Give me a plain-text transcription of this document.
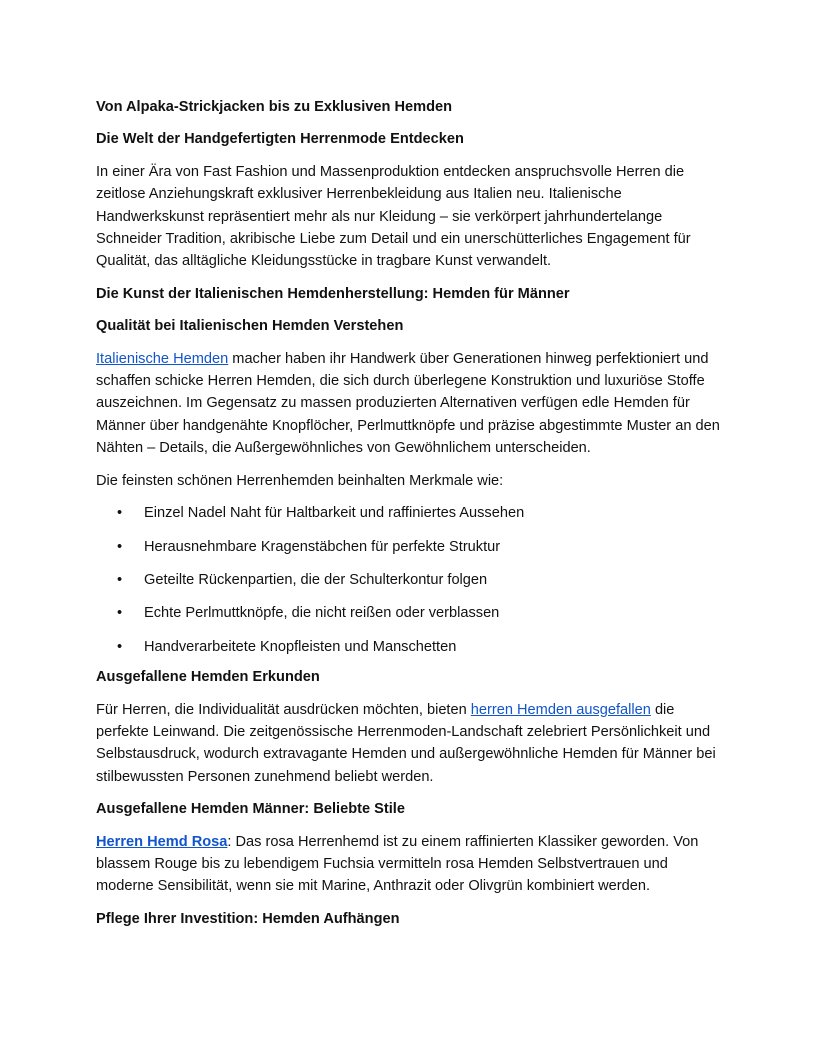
Von Alpaka-Strickjacken bis zu Exklusiven Hemden
Die Welt der Handgefertigten Herrenmode Entdecken

In einer Ära von Fast Fashion und Massenproduktion entdecken anspruchsvolle Herren die zeitlose Anziehungskraft exklusiver Herrenbekleidung aus Italien neu. Italienische Handwerkskunst repräsentiert mehr als nur Kleidung – sie verkörpert jahrhundertelange Schneider Tradition, akribische Liebe zum Detail und ein unerschütterliches Engagement für Qualität, das alltägliche Kleidungsstücke in tragbare Kunst verwandelt.

Die Kunst der Italienischen Hemdenherstellung: Hemden für Männer
Qualität bei Italienischen Hemden Verstehen

Italienische Hemden macher haben ihr Handwerk über Generationen hinweg perfektioniert und schaffen schicke Herren Hemden, die sich durch überlegene Konstruktion und luxuriöse Stoffe auszeichnen. Im Gegensatz zu massen produzierten Alternativen verfügen edle Hemden für Männer über handgenähte Knopflöcher, Perlmuttknöpfe und präzise abgestimmte Muster an den Nähten – Details, die Außergewöhnliches von Gewöhnlichem unterscheiden.

Die feinsten schönen Herrenhemden beinhalten Merkmale wie:

• Einzel Nadel Naht für Haltbarkeit und raffiniertes Aussehen
• Herausnehmbare Kragenstäbchen für perfekte Struktur
• Geteilte Rückenpartien, die der Schulterkontur folgen
• Echte Perlmuttknöpfe, die nicht reißen oder verblassen
• Handverarbeitete Knopfleisten und Manschetten
Ausgefallene Hemden Erkunden

Für Herren, die Individualität ausdrücken möchten, bieten herren Hemden ausgefallen die perfekte Leinwand. Die zeitgenössische Herrenmoden-Landschaft zelebriert Persönlichkeit und Selbstausdruck, wodurch extravagante Hemden und außergewöhnliche Hemden für Männer bei stilbewussten Personen zunehmend beliebt werden.

Ausgefallene Hemden Männer: Beliebte Stile

Herren Hemd Rosa: Das rosa Herrenhemd ist zu einem raffinierten Klassiker geworden. Von blassem Rouge bis zu lebendigem Fuchsia vermitteln rosa Hemden Selbstvertrauen und moderne Sensibilität, wenn sie mit Marine, Anthrazit oder Olivgrün kombiniert werden.

Pflege Ihrer Investition: Hemden Aufhängen
